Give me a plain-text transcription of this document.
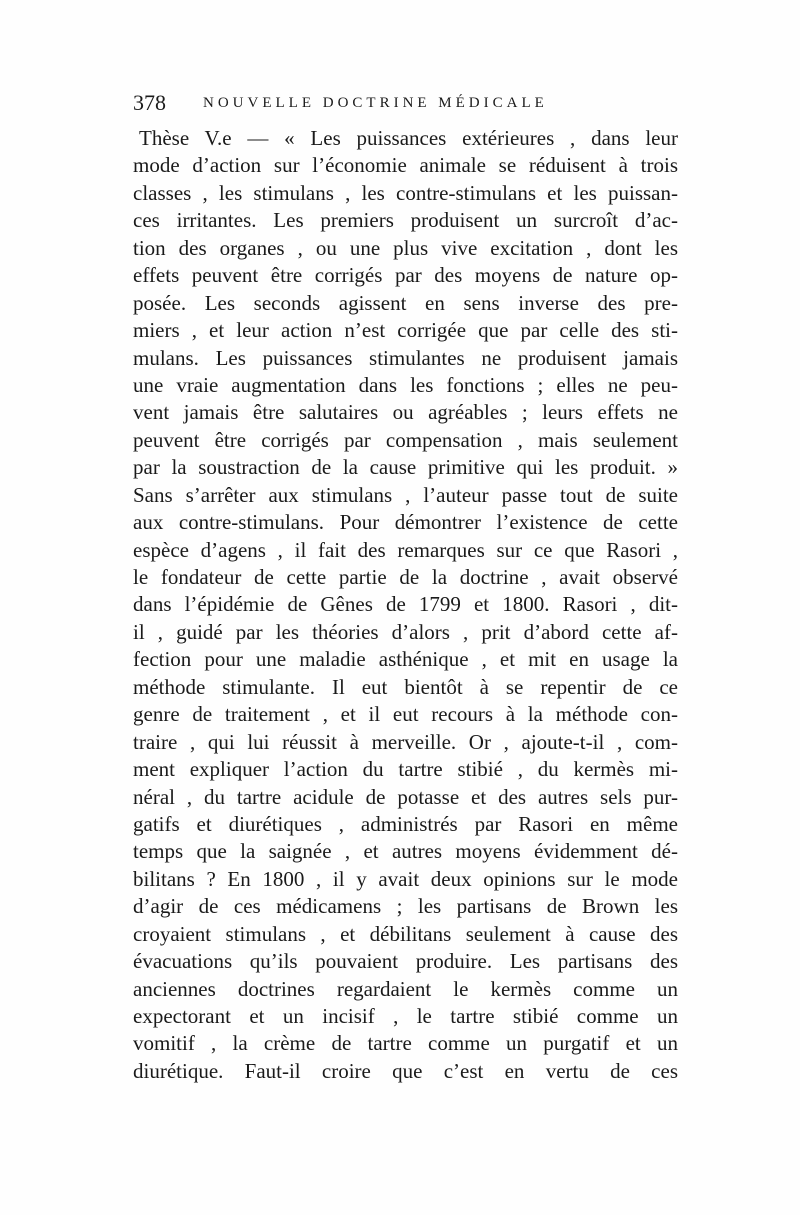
378 NOUVELLE DOCTRINE MÉDICALE
Thèse V.e — « Les puissances extérieures , dans leur
mode d’action sur l’économie animale se réduisent à trois
classes , les stimulans , les contre-stimulans et les puissan-
ces irritantes. Les premiers produisent un surcroît d’ac-
tion des organes , ou une plus vive excitation , dont les
effets peuvent être corrigés par des moyens de nature op-
posée. Les seconds agissent en sens inverse des pre-
miers , et leur action n’est corrigée que par celle des sti-
mulans. Les puissances stimulantes ne produisent jamais
une vraie augmentation dans les fonctions ; elles ne peu-
vent jamais être salutaires ou agréables ; leurs effets ne
peuvent être corrigés par compensation , mais seulement
par la soustraction de la cause primitive qui les produit. »
Sans s’arrêter aux stimulans , l’auteur passe tout de suite
aux contre-stimulans. Pour démontrer l’existence de cette
espèce d’agens , il fait des remarques sur ce que Rasori ,
le fondateur de cette partie de la doctrine , avait observé
dans l’épidémie de Gênes de 1799 et 1800. Rasori , dit-
il , guidé par les théories d’alors , prit d’abord cette af-
fection pour une maladie asthénique , et mit en usage la
méthode stimulante. Il eut bientôt à se repentir de ce
genre de traitement , et il eut recours à la méthode con-
traire , qui lui réussit à merveille. Or , ajoute-t-il , com-
ment expliquer l’action du tartre stibié , du kermès mi-
néral , du tartre acidule de potasse et des autres sels pur-
gatifs et diurétiques , administrés par Rasori en même
temps que la saignée , et autres moyens évidemment dé-
bilitans ? En 1800 , il y avait deux opinions sur le mode
d’agir de ces médicamens ; les partisans de Brown les
croyaient stimulans , et débilitans seulement à cause des
évacuations qu’ils pouvaient produire. Les partisans des
anciennes doctrines regardaient le kermès comme un
expectorant et un incisif , le tartre stibié comme un
vomitif , la crème de tartre comme un purgatif et un
diurétique. Faut-il croire que c’est en vertu de ces
